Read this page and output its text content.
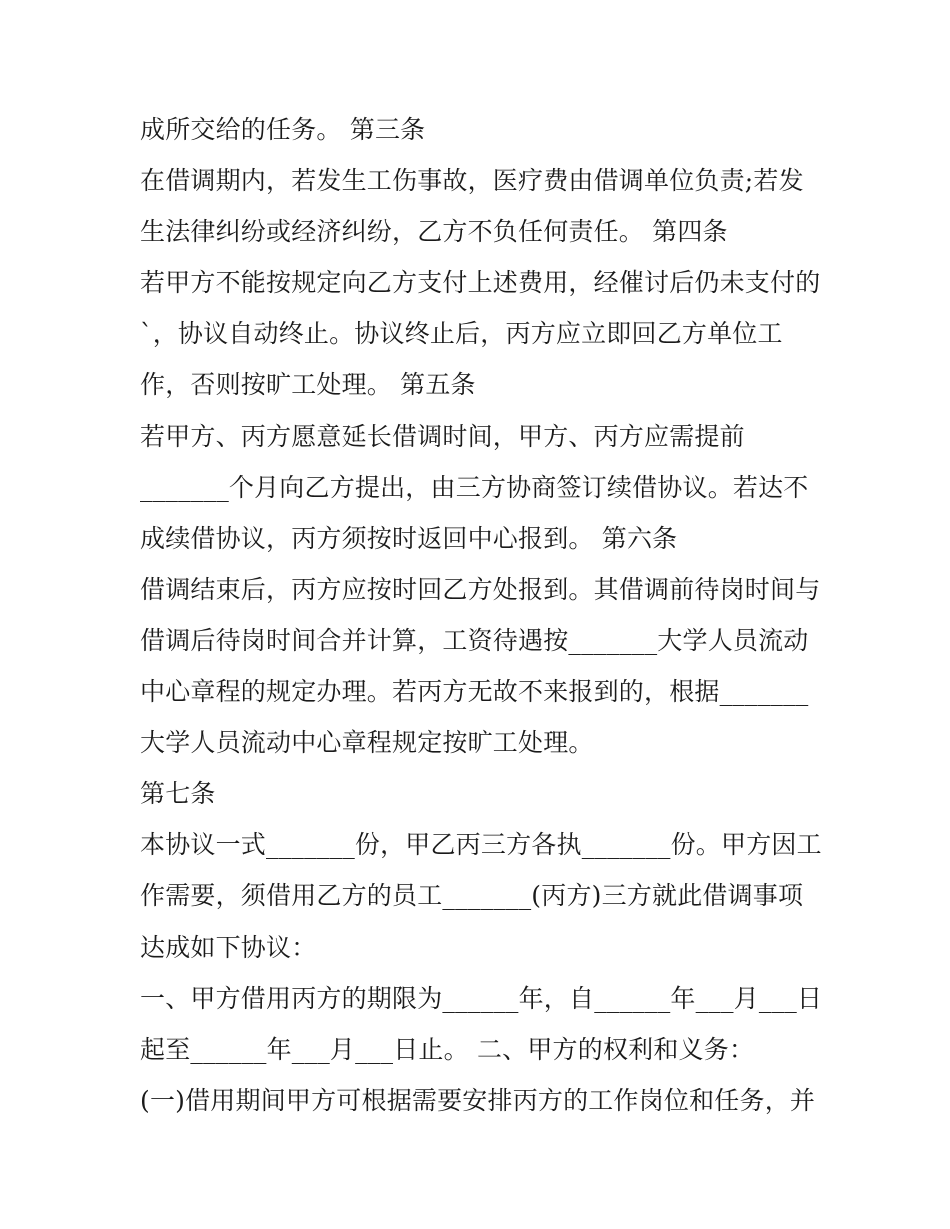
成所交给的任务。 第三条
在借调期内，若发生工伤事故，医疗费由借调单位负责;若发
生法律纠纷或经济纠纷，乙方不负任何责任。 第四条
若甲方不能按规定向乙方支付上述费用，经催讨后仍未支付的
`，协议自动终止。协议终止后，丙方应立即回乙方单位工
作，否则按旷工处理。 第五条
若甲方、丙方愿意延长借调时间，甲方、丙方应需提前
_______个月向乙方提出，由三方协商签订续借协议。若达不
成续借协议，丙方须按时返回中心报到。 第六条
借调结束后，丙方应按时回乙方处报到。其借调前待岗时间与
借调后待岗时间合并计算，工资待遇按_______大学人员流动
中心章程的规定办理。若丙方无故不来报到的，根据_______
大学人员流动中心章程规定按旷工处理。
第七条
本协议一式_______份，甲乙丙三方各执_______份。甲方因工
作需要，须借用乙方的员工_______(丙方)三方就此借调事项
达成如下协议：
一、甲方借用丙方的期限为______年，自______年___月___日
起至______年___月___日止。 二、甲方的权利和义务：
(一)借用期间甲方可根据需要安排丙方的工作岗位和任务，并
